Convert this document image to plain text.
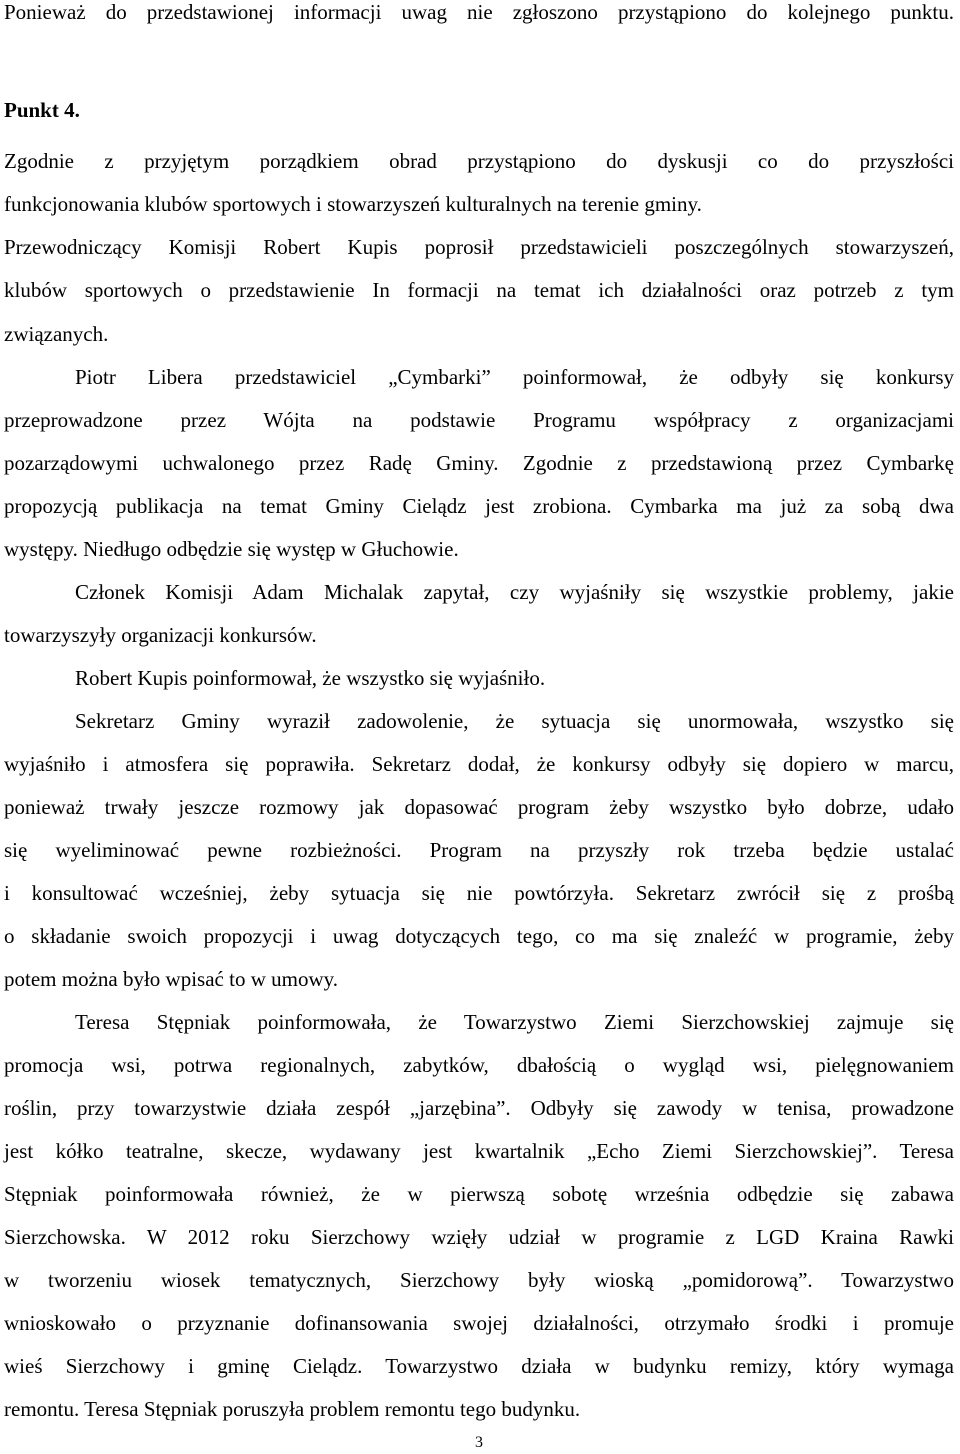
Ponieważ do przedstawionej informacji uwag nie zgłoszono przystąpiono do kolejnego punktu.
Punkt 4.
Zgodnie z przyjętym porządkiem obrad przystąpiono do dyskusji co do przyszłości
funkcjonowania klubów sportowych i stowarzyszeń kulturalnych na terenie gminy.
Przewodniczący Komisji Robert Kupis poprosił przedstawicieli poszczególnych stowarzyszeń,
klubów sportowych o przedstawienie In formacji na temat ich działalności oraz potrzeb z tym
związanych.
Piotr Libera przedstawiciel „Cymbarki” poinformował, że odbyły się konkursy
przeprowadzone przez Wójta na podstawie Programu współpracy z organizacjami
pozarządowymi uchwalonego przez Radę Gminy. Zgodnie z przedstawioną przez Cymbarkę
propozycją publikacja na temat Gminy Cielądz jest zrobiona. Cymbarka ma już za sobą dwa
występy. Niedługo odbędzie się występ w Głuchowie.
Członek Komisji Adam Michalak zapytał, czy wyjaśniły się wszystkie problemy, jakie
towarzyszyły organizacji konkursów.
Robert Kupis poinformował, że wszystko się wyjaśniło.
Sekretarz Gminy wyraził zadowolenie, że sytuacja się unormowała, wszystko się
wyjaśniło i atmosfera się poprawiła. Sekretarz dodał, że konkursy odbyły się dopiero w marcu,
ponieważ trwały jeszcze rozmowy jak dopasować program żeby wszystko było dobrze, udało
się wyeliminować pewne rozbieżności. Program na przyszły rok trzeba będzie ustalać
i konsultować wcześniej, żeby sytuacja się nie powtórzyła. Sekretarz zwrócił się z prośbą
o składanie swoich propozycji i uwag dotyczących tego, co ma się znaleźć w programie, żeby
potem można było wpisać to w umowy.
Teresa Stępniak poinformowała, że Towarzystwo Ziemi Sierzchowskiej zajmuje się
promocja wsi, potrwa regionalnych, zabytków, dbałością o wygląd wsi, pielęgnowaniem
roślin, przy towarzystwie działa zespół „jarzębina”. Odbyły się zawody w tenisa, prowadzone
jest kółko teatralne, skecze, wydawany jest kwartalnik „Echo Ziemi Sierzchowskiej”. Teresa
Stępniak poinformowała również, że w pierwszą sobotę września odbędzie się zabawa
Sierzchowska. W 2012 roku Sierzchowy wzięły udział w programie z LGD Kraina Rawki
w tworzeniu wiosek tematycznych, Sierzchowy były wioską „pomidorową”. Towarzystwo
wnioskowało o przyznanie dofinansowania swojej działalności, otrzymało środki i promuje
wieś Sierzchowy i gminę Cielądz. Towarzystwo działa w budynku remizy, który wymaga
remontu. Teresa Stępniak poruszyła problem remontu tego budynku.
3
